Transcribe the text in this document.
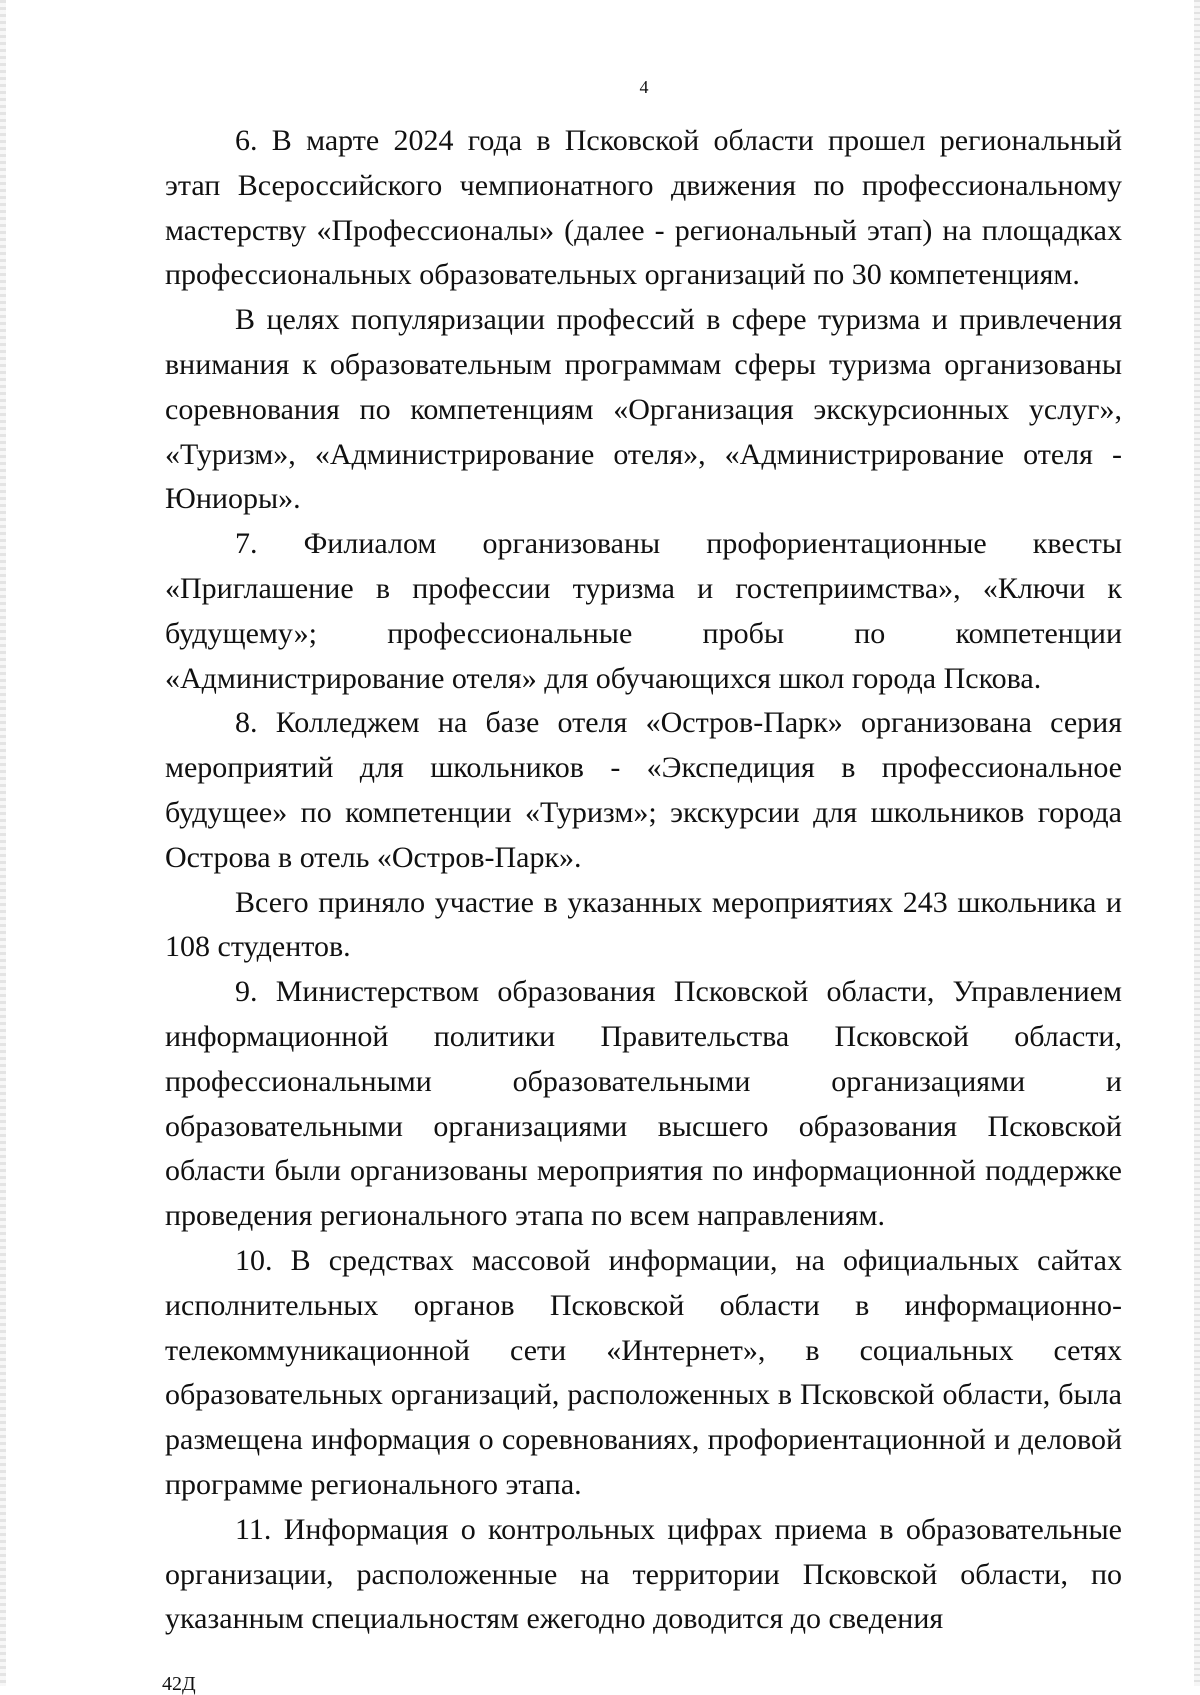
4

6. В марте 2024 года в Псковской области прошел региональный этап Всероссийского чемпионатного движения по профессиональному мастерству «Профессионалы» (далее - региональный этап) на площадках профессиональных образовательных организаций по 30 компетенциям.

В целях популяризации профессий в сфере туризма и привлечения внимания к образовательным программам сферы туризма организованы соревнования по компетенциям «Организация экскурсионных услуг», «Туризм», «Администрирование отеля», «Администрирование отеля - Юниоры».

7. Филиалом организованы профориентационные квесты «Приглашение в профессии туризма и гостеприимства», «Ключи к будущему»; профессиональные пробы по компетенции «Администрирование отеля» для обучающихся школ города Пскова.

8. Колледжем на базе отеля «Остров-Парк» организована серия мероприятий для школьников - «Экспедиция в профессиональное будущее» по компетенции «Туризм»; экскурсии для школьников города Острова в отель «Остров-Парк».

Всего приняло участие в указанных мероприятиях 243 школьника и 108 студентов.

9. Министерством образования Псковской области, Управлением информационной политики Правительства Псковской области, профессиональными образовательными организациями и образовательными организациями высшего образования Псковской области были организованы мероприятия по информационной поддержке проведения регионального этапа по всем направлениям.

10. В средствах массовой информации, на официальных сайтах исполнительных органов Псковской области в информационно-телекоммуникационной сети «Интернет», в социальных сетях образовательных организаций, расположенных в Псковской области, была размещена информация о соревнованиях, профориентационной и деловой программе регионального этапа.

11. Информация о контрольных цифрах приема в образовательные организации, расположенные на территории Псковской области, по указанным специальностям ежегодно доводится до сведения

42Д
